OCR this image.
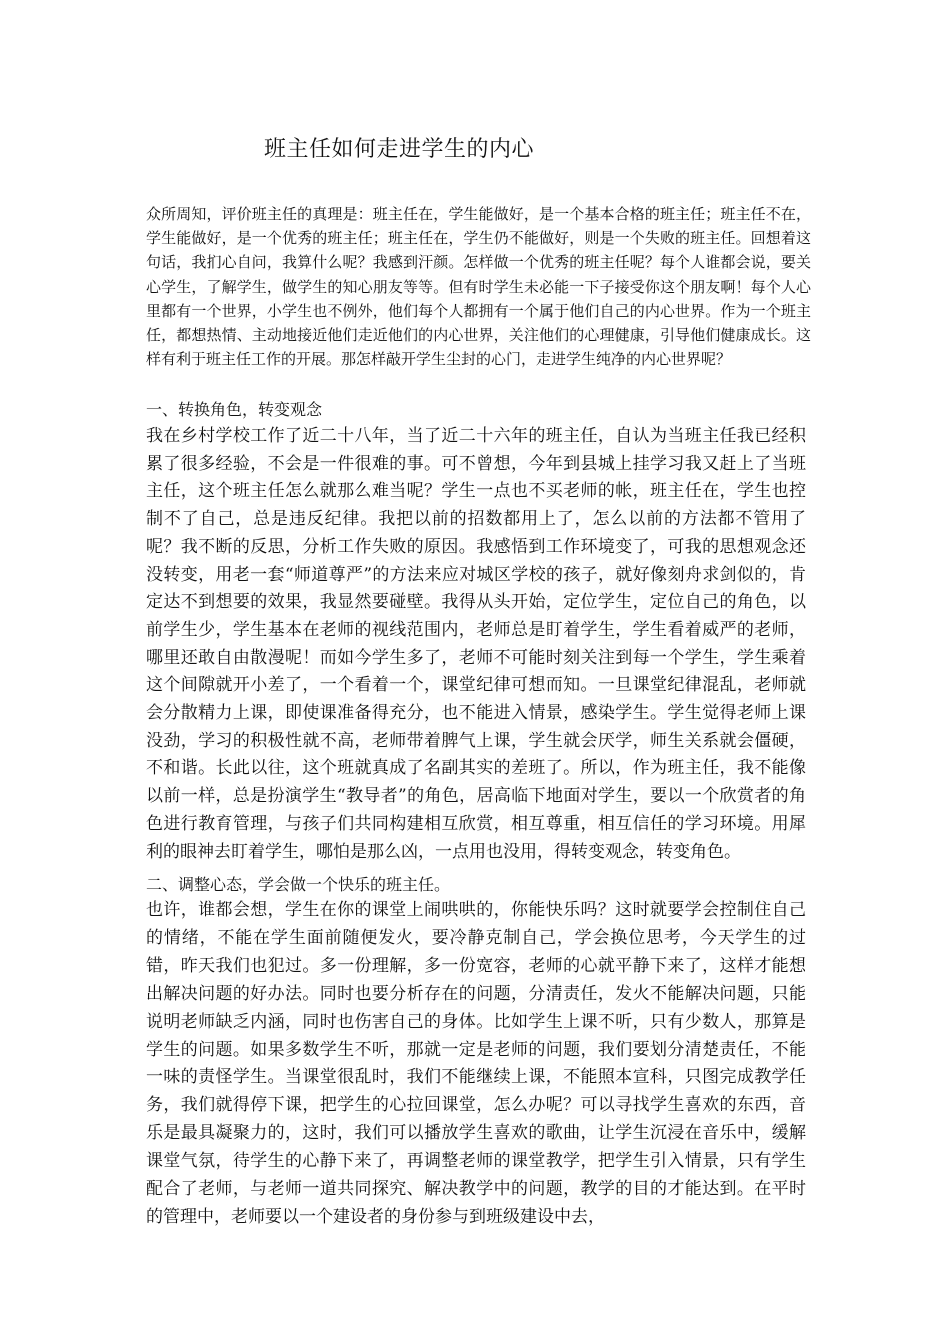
班主任如何走进学生的内心

众所周知，评价班主任的真理是：班主任在，学生能做好，是一个基本合格的班主任；班主任不在，学生能做好，是一个优秀的班主任；班主任在，学生仍不能做好，则是一个失败的班主任。回想着这句话，我扪心自问，我算什么呢？我感到汗颜。怎样做一个优秀的班主任呢？每个人谁都会说，要关心学生，了解学生，做学生的知心朋友等等。但有时学生未必能一下子接受你这个朋友啊！每个人心里都有一个世界，小学生也不例外，他们每个人都拥有一个属于他们自己的内心世界。作为一个班主任，都想热情、主动地接近他们走近他们的内心世界，关注他们的心理健康，引导他们健康成长。这样有利于班主任工作的开展。那怎样敲开学生尘封的心门，走进学生纯净的内心世界呢？

一、转换角色，转变观念

我在乡村学校工作了近二十八年，当了近二十六年的班主任，自认为当班主任我已经积累了很多经验，不会是一件很难的事。可不曾想，今年到县城上挂学习我又赶上了当班主任，这个班主任怎么就那么难当呢？学生一点也不买老师的帐，班主任在，学生也控制不了自己，总是违反纪律。我把以前的招数都用上了，怎么以前的方法都不管用了呢？我不断的反思，分析工作失败的原因。我感悟到工作环境变了，可我的思想观念还没转变，用老一套“师道尊严”的方法来应对城区学校的孩子，就好像刻舟求剑似的，肯定达不到想要的效果，我显然要碰壁。我得从头开始，定位学生，定位自己的角色，以前学生少，学生基本在老师的视线范围内，老师总是盯着学生，学生看着威严的老师，哪里还敢自由散漫呢！而如今学生多了，老师不可能时刻关注到每一个学生，学生乘着这个间隙就开小差了，一个看着一个，课堂纪律可想而知。一旦课堂纪律混乱，老师就会分散精力上课，即使课准备得充分，也不能进入情景，感染学生。学生觉得老师上课没劲，学习的积极性就不高，老师带着脾气上课，学生就会厌学，师生关系就会僵硬，不和谐。长此以往，这个班就真成了名副其实的差班了。所以，作为班主任，我不能像以前一样，总是扮演学生“教导者”的角色，居高临下地面对学生，要以一个欣赏者的角色进行教育管理，与孩子们共同构建相互欣赏，相互尊重，相互信任的学习环境。用犀利的眼神去盯着学生，哪怕是那么凶，一点用也没用，得转变观念，转变角色。

二、调整心态，学会做一个快乐的班主任。

也许，谁都会想，学生在你的课堂上闹哄哄的，你能快乐吗？这时就要学会控制住自己的情绪，不能在学生面前随便发火，要冷静克制自己，学会换位思考，今天学生的过错，昨天我们也犯过。多一份理解，多一份宽容，老师的心就平静下来了，这样才能想出解决问题的好办法。同时也要分析存在的问题，分清责任，发火不能解决问题，只能说明老师缺乏内涵，同时也伤害自己的身体。比如学生上课不听，只有少数人，那算是学生的问题。如果多数学生不听，那就一定是老师的问题，我们要划分清楚责任，不能一味的责怪学生。当课堂很乱时，我们不能继续上课，不能照本宣科，只图完成教学任务，我们就得停下课，把学生的心拉回课堂，怎么办呢？可以寻找学生喜欢的东西，音乐是最具凝聚力的，这时，我们可以播放学生喜欢的歌曲，让学生沉浸在音乐中，缓解课堂气氛，待学生的心静下来了，再调整老师的课堂教学，把学生引入情景，只有学生配合了老师，与老师一道共同探究、解决教学中的问题，教学的目的才能达到。在平时的管理中，老师要以一个建设者的身份参与到班级建设中去，
